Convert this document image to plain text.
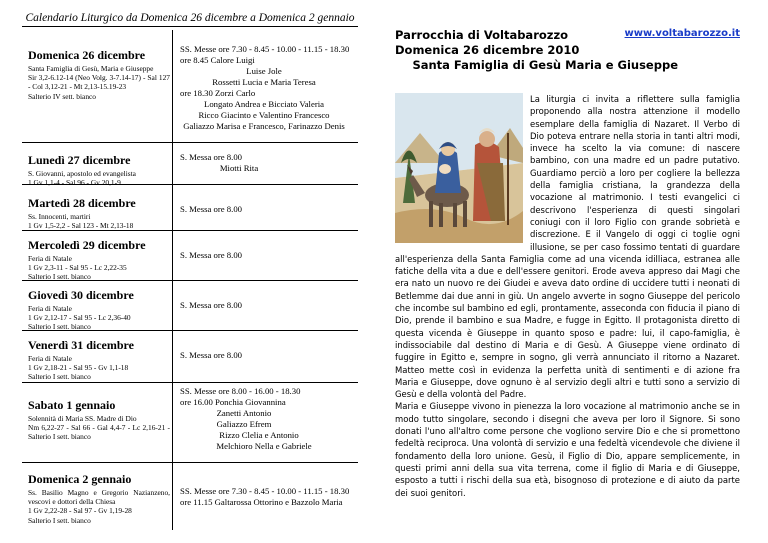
Calendario Liturgico da Domenica 26 dicembre a Domenica 2 gennaio
Domenica 26 dicembre
Santa Famiglia di Gesù, Maria e Giuseppe
Sir 3,2-6.12-14 (Neo Volg. 3-7.14-17) - Sal 127 - Col 3,12-21 - Mt 2,13-15.19-23
Salterio IV sett. bianco
SS. Messe ore 7.30 - 8.45 - 10.00 - 11.15 - 18.30
ore 8.45 Calore Luigi
Luise Jole
Rossetti Lucia e Maria Teresa
ore 18.30 Zorzi Carlo
Longato Andrea e Bicciato Valeria
Ricco Giacinto e Valentino Francesco
Galiazzo Marisa e Francesco, Farinazzo Denis
Lunedì 27 dicembre
S. Giovanni, apostolo ed evangelista
1 Gv 1,1-4 - Sal 96 - Gv 20,1-9
S. Messa ore 8.00
Miotti Rita
Martedì 28 dicembre
Ss. Innocenti, martiri
1 Gv 1,5-2,2 - Sal 123 - Mt 2,13-18
S. Messa ore 8.00
Mercoledì 29 dicembre
Feria di Natale
1 Gv 2,3-11 - Sal 95 - Lc 2,22-35
Salterio I sett. bianco
S. Messa ore 8.00
Giovedì 30 dicembre
Feria di Natale
1 Gv 2,12-17 - Sal 95 - Lc 2,36-40
Salterio I sett. bianco
S. Messa ore 8.00
Venerdì 31 dicembre
Feria di Natale
1 Gv 2,18-21 - Sal 95 - Gv 1,1-18
Salterio I sett. bianco
S. Messa ore 8.00
Sabato 1 gennaio
Solennità di Maria SS. Madre di Dio
Nm 6,22-27 - Sal 66 - Gal 4,4-7 - Lc 2,16-21 - Salterio I sett. bianco
SS. Messe ore 8.00 - 16.00 - 18.30
ore 16.00 Ponchia Giovannina
Zanetti Antonio
Galiazzo Efrem
Rizzo Clelia e Antonio
Melchioro Nella e Gabriele
Domenica 2 gennaio
Ss. Basilio Magno e Gregorio Nazianzeno, vescovi e dottori della Chiesa
1 Gv 2,22-28 - Sal 97 - Gv 1,19-28
Salterio I sett. bianco
SS. Messe ore 7.30 - 8.45 - 10.00 - 11.15 - 18.30
ore 11.15 Galtarossa Ottorino e Bazzolo Maria
Parrocchia di Voltabarozzo	www.voltabarozzo.it
Domenica 26 dicembre 2010
Santa Famiglia di Gesù Maria e Giuseppe

La liturgia ci invita a riflettere sulla famiglia proponendo alla nostra attenzione il modello esemplare della famiglia di Nazaret. Il Verbo di Dio poteva entrare nella storia in tanti altri modi, invece ha scelto la via comune: di nascere bambino, con una madre ed un padre putativo. Guardiamo perciò a loro per cogliere la bellezza della famiglia cristiana, la grandezza della vocazione al matrimonio. I testi evangelici ci descrivono l'esperienza di questi singolari coniugi con il loro Figlio con grande sobrietà e discrezione. E il Vangelo di oggi ci toglie ogni illusione, se per caso fossimo tentati di guardare all'esperienza della Santa Famiglia come ad una vicenda idilliaca, estranea alle fatiche della vita a due e dell'essere genitori. Erode aveva appreso dai Magi che era nato un nuovo re dei Giudei e aveva dato ordine di uccidere tutti i neonati di Betlemme dai due anni in giù. Un angelo avverte in sogno Giuseppe del pericolo che incombe sul bambino ed egli, prontamente, asseconda con fiducia il piano di Dio, prende il bambino e sua Madre, e fugge in Egitto. Il protagonista diretto di questa vicenda è Giuseppe in quanto sposo e padre: lui, il capo-famiglia, è indissociabile dal destino di Maria e di Gesù. A Giuseppe viene ordinato di fuggire in Egitto e, sempre in sogno, gli verrà annunciato il ritorno a Nazaret. Matteo mette così in evidenza la perfetta unità di sentimenti e di azione fra Maria e Giuseppe, dove ognuno è al servizio degli altri e tutti sono a servizio di Gesù e della volontà del Padre.

Maria e Giuseppe vivono in pienezza la loro vocazione al matrimonio anche se in modo tutto singolare, secondo i disegni che aveva per loro il Signore. Si sono donati l'uno all'altro come persone che vogliono servire Dio e che si promettono fedeltà reciproca. Una volontà di servizio e una fedeltà vicendevole che diviene il fondamento della loro unione. Gesù, il Figlio di Dio, appare semplicemente, in questi primi anni della sua vita terrena, come il figlio di Maria e di Giuseppe, esposto a tutti i rischi della sua età, bisognoso di protezione e di aiuto da parte dei suoi genitori.
